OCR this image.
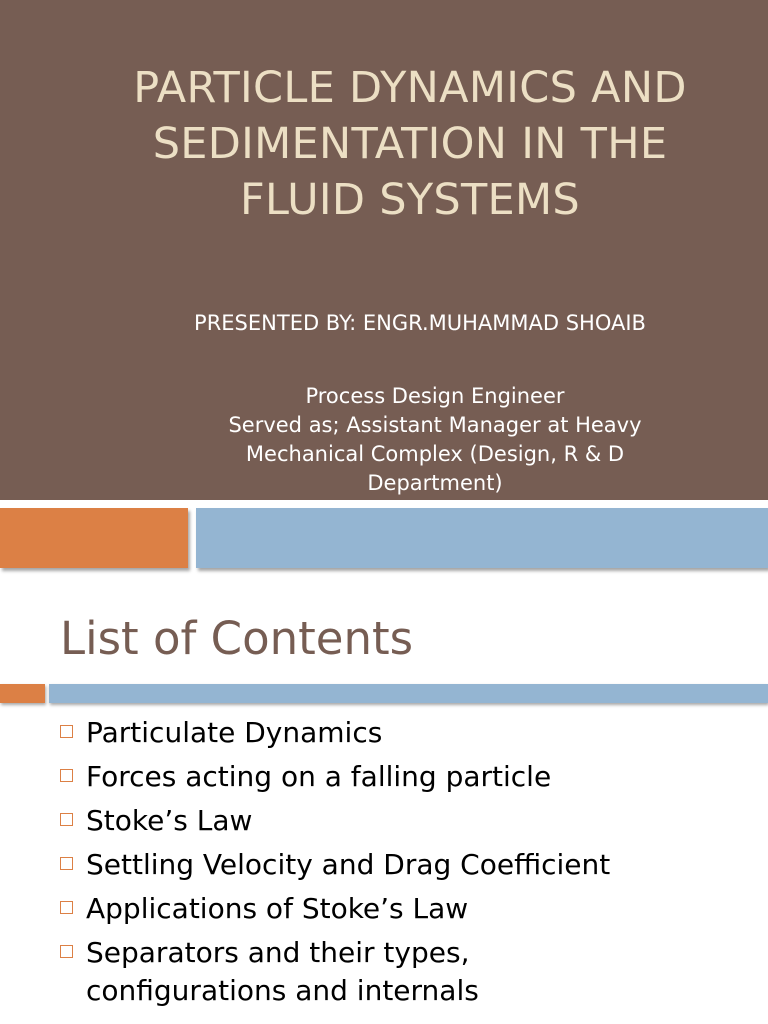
PARTICLE DYNAMICS AND
SEDIMENTATION IN THE
FLUID SYSTEMS
PRESENTED BY: ENGR.MUHAMMAD SHOAIB
Process Design Engineer
Served as; Assistant Manager at Heavy
Mechanical Complex (Design, R & D
Department)
List of Contents
Particulate Dynamics
Forces acting on a falling particle
Stoke’s Law
Settling Velocity and Drag Coefficient
Applications of Stoke’s Law
Separators and their types,
configurations and internals
